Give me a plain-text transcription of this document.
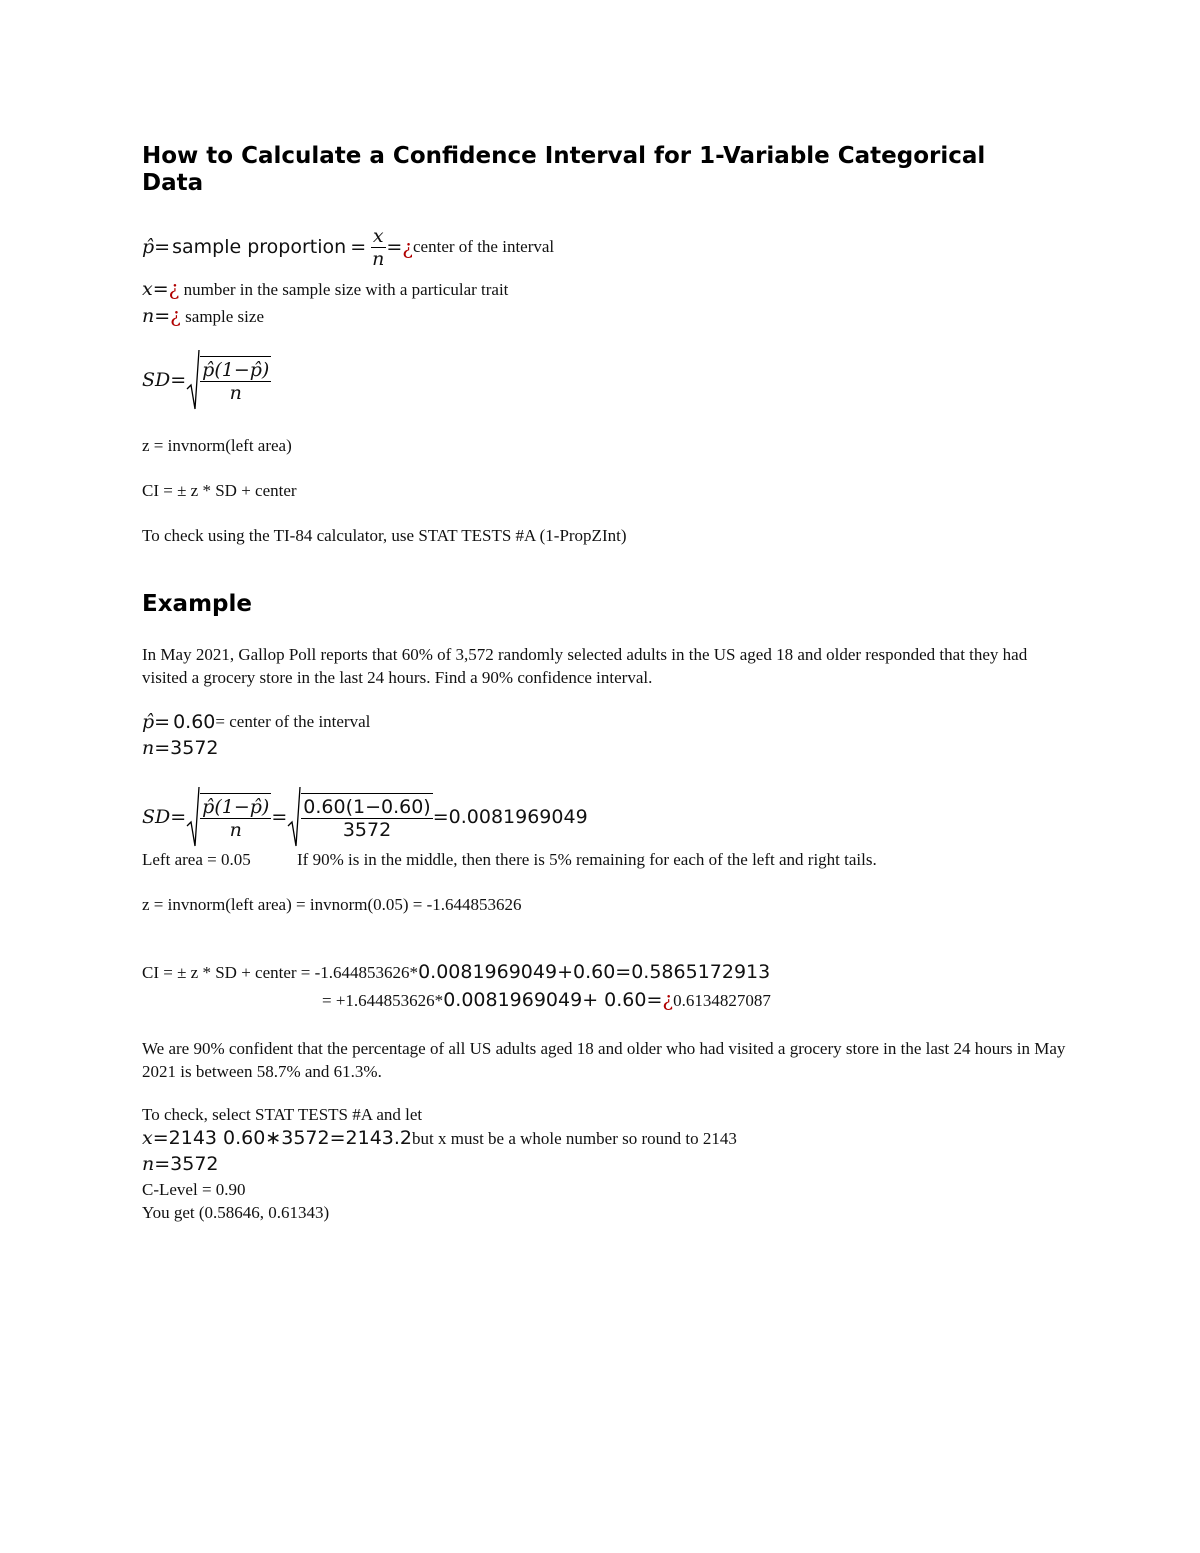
How to Calculate a Confidence Interval for 1-Variable Categorical Data
p̂ = sample proportion = $\frac{x}{n}$ = ¿ center of the interval
x=¿ number in the sample size with a particular trait
n=¿ sample size
SD = $\frac{p̂(1-p̂)}{n}$
z = invnorm(left area)
CI = ± z * SD + center
To check using the TI-84 calculator, use STAT TESTS #A (1-PropZInt)
Example
In May 2021, Gallop Poll reports that 60% of 3,572 randomly selected adults in the US aged 18 and older responded that they had visited a grocery store in the last 24 hours. Find a 90% confidence interval.
p̂ = 0.60 = center of the interval
n=3572
SD = $\frac{p̂(1-p̂)}{n} = \frac{0.60(1-0.60)}{3572} = 0.0081969049$
Left area = 0.05	If 90% is in the middle, then there is 5% remaining for each of the left and right tails.
z = invnorm(left area) = invnorm(0.05) = -1.644853626
CI = ± z * SD + center = -1.644853626* 0.0081969049+0.60=0.5865172913
= +1.644853626* 0.0081969049+ 0.60= ¿ 0.6134827087
We are 90% confident that the percentage of all US adults aged 18 and older who had visited a grocery store in the last 24 hours in May 2021 is between 58.7% and 61.3%.
To check, select STAT TESTS #A and let
x = 2143 0.60∗3572=2143.2 but x must be a whole number so round to 2143
n=3572
C-Level = 0.90
You get (0.58646, 0.61343)
